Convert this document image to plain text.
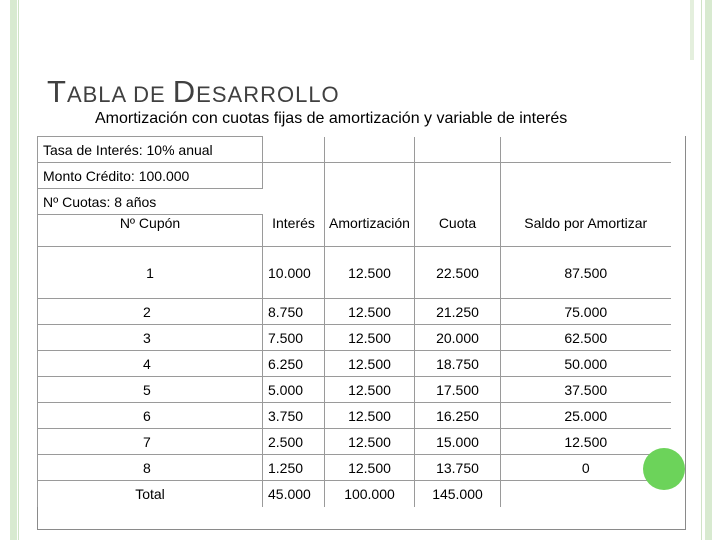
TABLA DE DESARROLLO
Amortización con cuotas fijas de amortización y variable de interés
Tasa de Interés: 10% anual				
Monto Crédito: 100.000				
Nº Cuotas: 8 años				
Nº Cupón	Interés	Amortización	Cuota	Saldo por Amortizar
1	10.000	12.500	22.500	87.500
2	8.750	12.500	21.250	75.000
3	7.500	12.500	20.000	62.500
4	6.250	12.500	18.750	50.000
5	5.000	12.500	17.500	37.500
6	3.750	12.500	16.250	25.000
7	2.500	12.500	15.000	12.500
8	1.250	12.500	13.750	0
Total	45.000	100.000	145.000	
